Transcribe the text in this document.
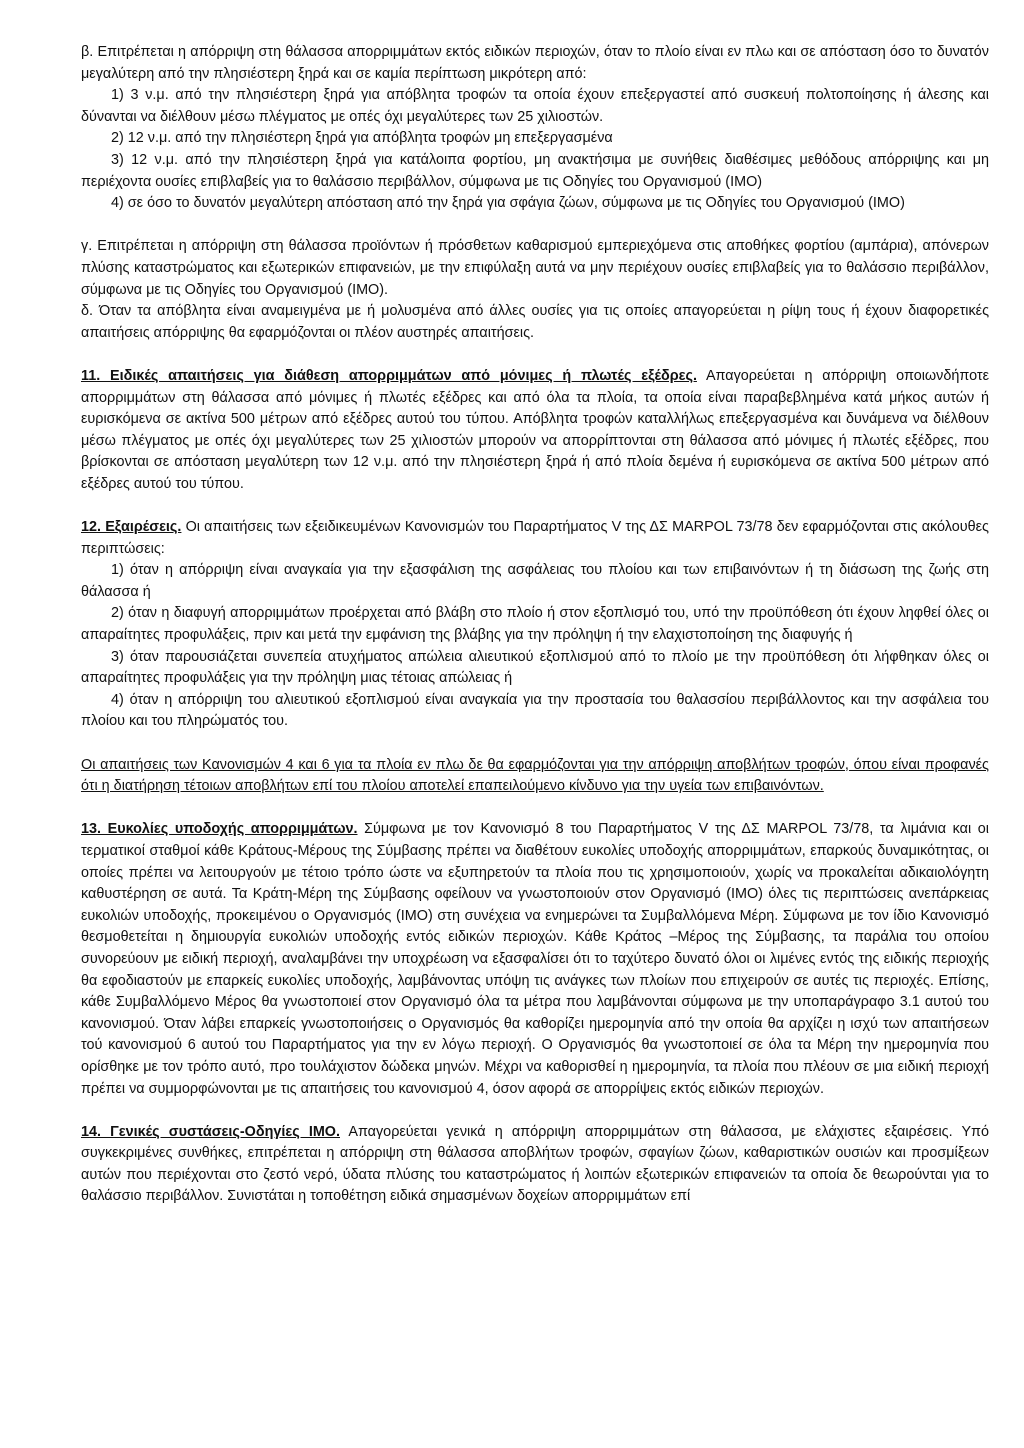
β. Επιτρέπεται η απόρριψη στη θάλασσα απορριμμάτων εκτός ειδικών περιοχών, όταν το πλοίο είναι εν πλω και σε απόσταση όσο το δυνατόν μεγαλύτερη από την πλησιέστερη ξηρά και σε καμία περίπτωση μικρότερη από:

1) 3 ν.μ. από την πλησιέστερη ξηρά για απόβλητα τροφών τα οποία έχουν επεξεργαστεί από συσκευή πολτοποίησης ή άλεσης και δύνανται να διέλθουν μέσω πλέγματος με οπές όχι μεγαλύτερες των 25 χιλιοστών.

2) 12 ν.μ. από την πλησιέστερη ξηρά για απόβλητα τροφών μη επεξεργασμένα

3) 12 ν.μ. από την πλησιέστερη ξηρά για κατάλοιπα φορτίου, μη ανακτήσιμα με συνήθεις διαθέσιμες μεθόδους απόρριψης και μη περιέχοντα ουσίες επιβλαβείς για το θαλάσσιο περιβάλλον, σύμφωνα με τις Οδηγίες του Οργανισμού (ΙΜΟ)

4) σε όσο το δυνατόν μεγαλύτερη απόσταση από την ξηρά για σφάγια ζώων, σύμφωνα με τις Οδηγίες του Οργανισμού (ΙΜΟ)

γ. Επιτρέπεται η απόρριψη στη θάλασσα προϊόντων ή πρόσθετων καθαρισμού εμπεριεχόμενα στις αποθήκες φορτίου (αμπάρια), απόνερων πλύσης καταστρώματος και εξωτερικών επιφανειών, με την επιφύλαξη αυτά να μην περιέχουν ουσίες επιβλαβείς για το θαλάσσιο περιβάλλον, σύμφωνα με τις Οδηγίες του Οργανισμού (ΙΜΟ).

δ. Όταν τα απόβλητα είναι αναμειγμένα με ή μολυσμένα από άλλες ουσίες για τις οποίες απαγορεύεται η ρίψη τους ή έχουν διαφορετικές απαιτήσεις απόρριψης θα εφαρμόζονται οι πλέον αυστηρές απαιτήσεις.

11. Ειδικές απαιτήσεις για διάθεση απορριμμάτων από μόνιμες ή πλωτές εξέδρες. Απαγορεύεται η απόρριψη οποιωνδήποτε απορριμμάτων στη θάλασσα από μόνιμες ή πλωτές εξέδρες και από όλα τα πλοία, τα οποία είναι παραβεβλημένα κατά μήκος αυτών ή ευρισκόμενα σε ακτίνα 500 μέτρων από εξέδρες αυτού του τύπου. Απόβλητα τροφών καταλλήλως επεξεργασμένα και δυνάμενα να διέλθουν μέσω πλέγματος με οπές όχι μεγαλύτερες των 25 χιλιοστών μπορούν να απορρίπτονται στη θάλασσα από μόνιμες ή πλωτές εξέδρες, που βρίσκονται σε απόσταση μεγαλύτερη των 12 ν.μ. από την πλησιέστερη ξηρά ή από πλοία δεμένα ή ευρισκόμενα σε ακτίνα 500 μέτρων από εξέδρες αυτού του τύπου.

12. Εξαιρέσεις. Οι απαιτήσεις των εξειδικευμένων Κανονισμών του Παραρτήματος V της ΔΣ MARPOL 73/78 δεν εφαρμόζονται στις ακόλουθες περιπτώσεις:

1) όταν η απόρριψη είναι αναγκαία για την εξασφάλιση της ασφάλειας του πλοίου και των επιβαινόντων ή τη διάσωση της ζωής στη θάλασσα ή

2) όταν η διαφυγή απορριμμάτων προέρχεται από βλάβη στο πλοίο ή στον εξοπλισμό του, υπό την προϋπόθεση ότι έχουν ληφθεί όλες οι απαραίτητες προφυλάξεις, πριν και μετά την εμφάνιση της βλάβης για την πρόληψη ή την ελαχιστοποίηση της διαφυγής ή

3) όταν παρουσιάζεται συνεπεία ατυχήματος απώλεια αλιευτικού εξοπλισμού από το πλοίο με την προϋπόθεση ότι λήφθηκαν όλες οι απαραίτητες προφυλάξεις για την πρόληψη μιας τέτοιας απώλειας ή

4) όταν η απόρριψη του αλιευτικού εξοπλισμού είναι αναγκαία για την προστασία του θαλασσίου περιβάλλοντος και την ασφάλεια του πλοίου και του πληρώματός του.

Οι απαιτήσεις των Κανονισμών 4 και 6 για τα πλοία εν πλω δε θα εφαρμόζονται για την απόρριψη αποβλήτων τροφών, όπου είναι προφανές ότι η διατήρηση τέτοιων αποβλήτων επί του πλοίου αποτελεί επαπειλούμενο κίνδυνο για την υγεία των επιβαινόντων.

13. Ευκολίες υποδοχής απορριμμάτων. Σύμφωνα με τον Κανονισμό 8 του Παραρτήματος V της ΔΣ MARPOL 73/78, τα λιμάνια και οι τερματικοί σταθμοί κάθε Κράτους-Μέρους της Σύμβασης πρέπει να διαθέτουν ευκολίες υποδοχής απορριμμάτων, επαρκούς δυναμικότητας, οι οποίες πρέπει να λειτουργούν με τέτοιο τρόπο ώστε να εξυπηρετούν τα πλοία που τις χρησιμοποιούν, χωρίς να προκαλείται αδικαιολόγητη καθυστέρηση σε αυτά. Τα Κράτη-Μέρη της Σύμβασης οφείλουν να γνωστοποιούν στον Οργανισμό (ΙΜΟ) όλες τις περιπτώσεις ανεπάρκειας ευκολιών υποδοχής, προκειμένου ο Οργανισμός (ΙΜΟ) στη συνέχεια να ενημερώνει τα Συμβαλλόμενα Μέρη. Σύμφωνα με τον ίδιο Κανονισμό θεσμοθετείται η δημιουργία ευκολιών υποδοχής εντός ειδικών περιοχών. Κάθε Κράτος –Μέρος της Σύμβασης, τα παράλια του οποίου συνορεύουν με ειδική περιοχή, αναλαμβάνει την υποχρέωση να εξασφαλίσει ότι το ταχύτερο δυνατό όλοι οι λιμένες εντός της ειδικής περιοχής θα εφοδιαστούν με επαρκείς ευκολίες υποδοχής, λαμβάνοντας υπόψη τις ανάγκες των πλοίων που επιχειρούν σε αυτές τις περιοχές. Επίσης, κάθε Συμβαλλόμενο Μέρος θα γνωστοποιεί στον Οργανισμό όλα τα μέτρα που λαμβάνονται σύμφωνα με την υποπαράγραφο 3.1 αυτού του κανονισμού. Όταν λάβει επαρκείς γνωστοποιήσεις ο Οργανισμός θα καθορίζει ημερομηνία από την οποία θα αρχίζει η ισχύ των απαιτήσεων τού κανονισμού 6 αυτού του Παραρτήματος για την εν λόγω περιοχή. Ο Οργανισμός θα γνωστοποιεί σε όλα τα Μέρη την ημερομηνία που ορίσθηκε με τον τρόπο αυτό, προ τουλάχιστον δώδεκα μηνών. Μέχρι να καθορισθεί η ημερομηνία, τα πλοία που πλέουν σε μια ειδική περιοχή πρέπει να συμμορφώνονται με τις απαιτήσεις του κανονισμού 4, όσον αφορά σε απορρίψεις εκτός ειδικών περιοχών.

14. Γενικές συστάσεις-Οδηγίες ΙΜΟ. Απαγορεύεται γενικά η απόρριψη απορριμμάτων στη θάλασσα, με ελάχιστες εξαιρέσεις. Υπό συγκεκριμένες συνθήκες, επιτρέπεται η απόρριψη στη θάλασσα αποβλήτων τροφών, σφαγίων ζώων, καθαριστικών ουσιών και προσμίξεων αυτών που περιέχονται στο ζεστό νερό, ύδατα πλύσης του καταστρώματος ή λοιπών εξωτερικών επιφανειών τα οποία δε θεωρούνται για το θαλάσσιο περιβάλλον. Συνιστάται η τοποθέτηση ειδικά σημασμένων δοχείων απορριμμάτων επί
